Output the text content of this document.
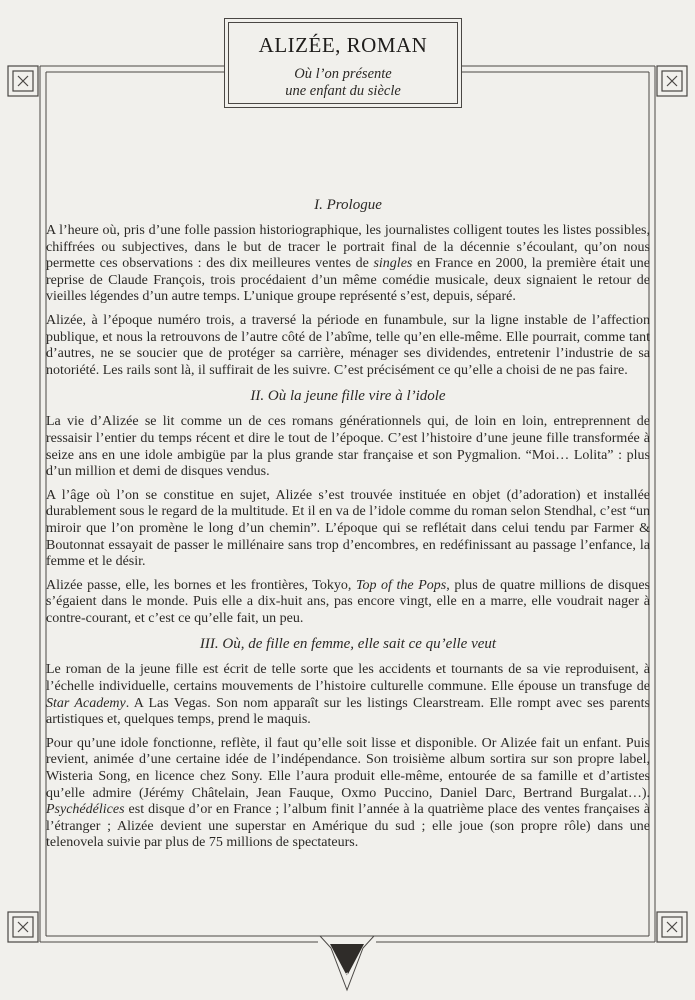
ALIZÉE, ROMAN
Où l’on présente
une enfant du siècle
I. Prologue

A l’heure où, pris d’une folle passion historiographique, les journalistes colligent toutes les listes possibles, chiffrées ou subjectives, dans le but de tracer le portrait final de la décennie s’écoulant, qu’on nous permette ces observations : des dix meilleures ventes de singles en France en 2000, la première était une reprise de Claude François, trois procédaient d’un même comédie musicale, deux signaient le retour de vieilles légendes d’un autre temps. L’unique groupe représenté s’est, depuis, séparé.

Alizée, à l’époque numéro trois, a traversé la période en funambule, sur la ligne instable de l’affection publique, et nous la retrouvons de l’autre côté de l’abîme, telle qu’en elle-même. Elle pourrait, comme tant d’autres, ne se soucier que de protéger sa carrière, ménager ses dividendes, entretenir l’industrie de sa notoriété. Les rails sont là, il suffirait de les suivre. C’est précisément ce qu’elle a choisi de ne pas faire.

II. Où la jeune fille vire à l’idole

La vie d’Alizée se lit comme un de ces romans générationnels qui, de loin en loin, entreprennent de ressaisir l’entier du temps récent et dire le tout de l’époque. C’est l’histoire d’une jeune fille transformée à seize ans en une idole ambigüe par la plus grande star française et son Pygmalion. “Moi… Lolita” : plus d’un million et demi de disques vendus.

A l’âge où l’on se constitue en sujet, Alizée s’est trouvée instituée en objet (d’adoration) et installée durablement sous le regard de la multitude. Et il en va de l’idole comme du roman selon Stendhal, c’est “un miroir que l’on promène le long d’un chemin”. L’époque qui se reflétait dans celui tendu par Farmer & Boutonnat essayait de passer le millénaire sans trop d’encombres, en redéfinissant au passage l’enfance, la femme et le désir.

Alizée passe, elle, les bornes et les frontières, Tokyo, Top of the Pops, plus de quatre millions de disques s’égaient dans le monde. Puis elle a dix-huit ans, pas encore vingt, elle en a marre, elle voudrait nager à contre-courant, et c’est ce qu’elle fait, un peu.

III. Où, de fille en femme, elle sait ce qu’elle veut

Le roman de la jeune fille est écrit de telle sorte que les accidents et tournants de sa vie reproduisent, à l’échelle individuelle, certains mouvements de l’histoire culturelle commune. Elle épouse un transfuge de Star Academy. A Las Vegas. Son nom apparaît sur les listings Clearstream. Elle rompt avec ses parents artistiques et, quelques temps, prend le maquis.

Pour qu’une idole fonctionne, reflète, il faut qu’elle soit lisse et disponible. Or Alizée fait un enfant. Puis revient, animée d’une certaine idée de l’indépendance. Son troisième album sortira sur son propre label, Wisteria Song, en licence chez Sony. Elle l’aura produit elle-même, entourée de sa famille et d’artistes qu’elle admire (Jérémy Châtelain, Jean Fauque, Oxmo Puccino, Daniel Darc, Bertrand Burgalat…). Psychédélices est disque d’or en France ; l’album finit l’année à la quatrième place des ventes françaises à l’étranger ; Alizée devient une superstar en Amérique du sud ; elle joue (son propre rôle) dans une telenovela suivie par plus de 75 millions de spectateurs.

1
